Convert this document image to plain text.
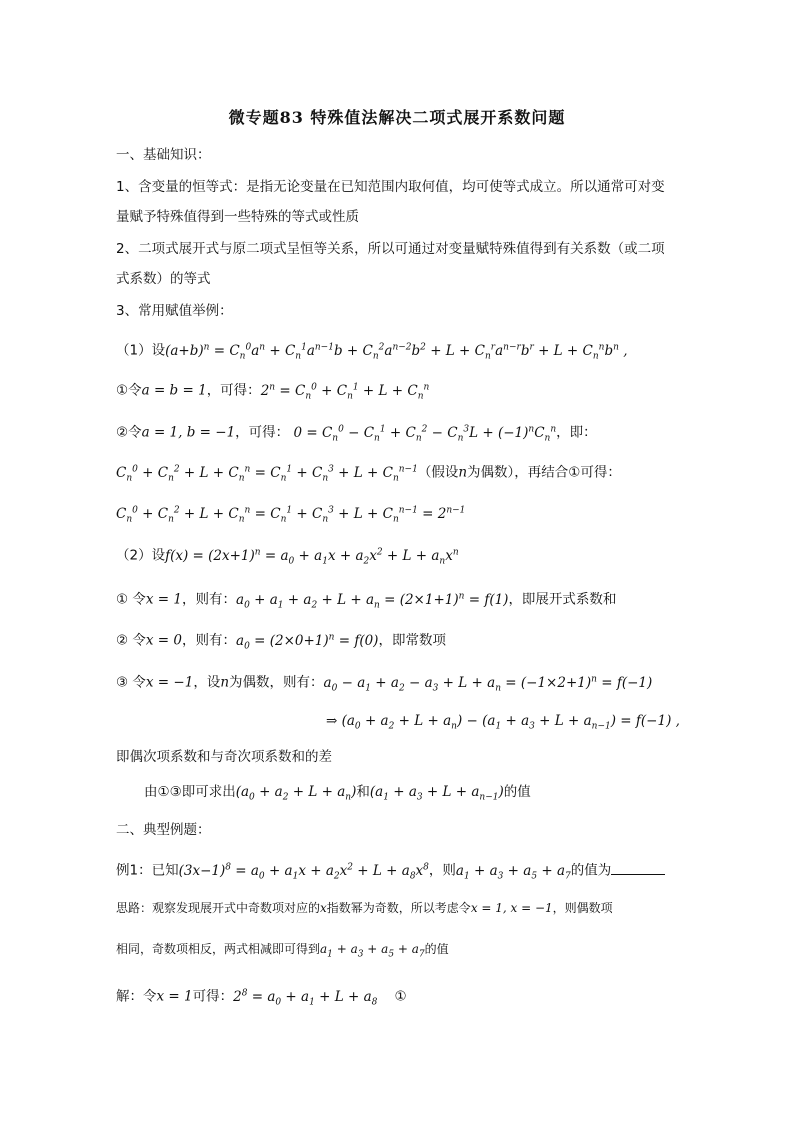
微专题83 特殊值法解决二项式展开系数问题
一、基础知识：
1、含变量的恒等式：是指无论变量在已知范围内取何值，均可使等式成立。所以通常可对变
量赋予特殊值得到一些特殊的等式或性质
2、二项式展开式与原二项式呈恒等关系，所以可通过对变量赋特殊值得到有关系数（或二项
式系数）的等式
3、常用赋值举例：
（1）设$(a+b)^n = C_n^0a^n + C_n^1a^{n-1}b + C_n^2a^{n-2}b^2 + L + C_n^ra^{n-r}b^r + L + C_n^nb^n$ ,
①令a = b = 1，可得：$2^n = C_n^0 + C_n^1 + L + C_n^n$
②令a = 1, b = −1，可得： $0 = C_n^0 - C_n^1 + C_n^2 - C_n^3L + (-1)^nC_n^n$，即：
$C_n^0 + C_n^2 + L + C_n^n = C_n^1 + C_n^3 + L + C_n^{n-1}$（假设n为偶数），再结合①可得：
$C_n^0 + C_n^2 + L + C_n^n = C_n^1 + C_n^3 + L + C_n^{n-1} = 2^{n-1}$
（2）设$f(x) = (2x+1)^n = a_0 + a_1x + a_2x^2 + L + a_nx^n$
① 令x = 1，则有：$a_0 + a_1 + a_2 + L + a_n = (2\times 1+1)^n = f(1)$，即展开式系数和
② 令x = 0，则有：$a_0 = (2\times 0+1)^n = f(0)$，即常数项
③ 令x = −1，设n为偶数，则有：$a_0 - a_1 + a_2 - a_3 + L + a_n = (-1\times 2+1)^n = f(-1)$
⇒ $(a_0 + a_2 + L + a_n) - (a_1 + a_3 + L + a_{n-1}) = f(-1)$ ,
即偶次项系数和与奇次项系数和的差
由①③即可求出$(a_0 + a_2 + L + a_n)$和$(a_1 + a_3 + L + a_{n-1})$的值
二、典型例题：
例1：已知$(3x-1)^8 = a_0 + a_1x + a_2x^2 + L + a_8x^8$，则$a_1 + a_3 + a_5 + a_7$的值为
思路：观察发现展开式中奇数项对应的x指数幂为奇数，所以考虑令x = 1, x = −1，则偶数项
相同，奇数项相反，两式相减即可得到$a_1 + a_3 + a_5 + a_7$的值
解：令x = 1可得：$2^8 = a_0 + a_1 + L + a_8$ ①
